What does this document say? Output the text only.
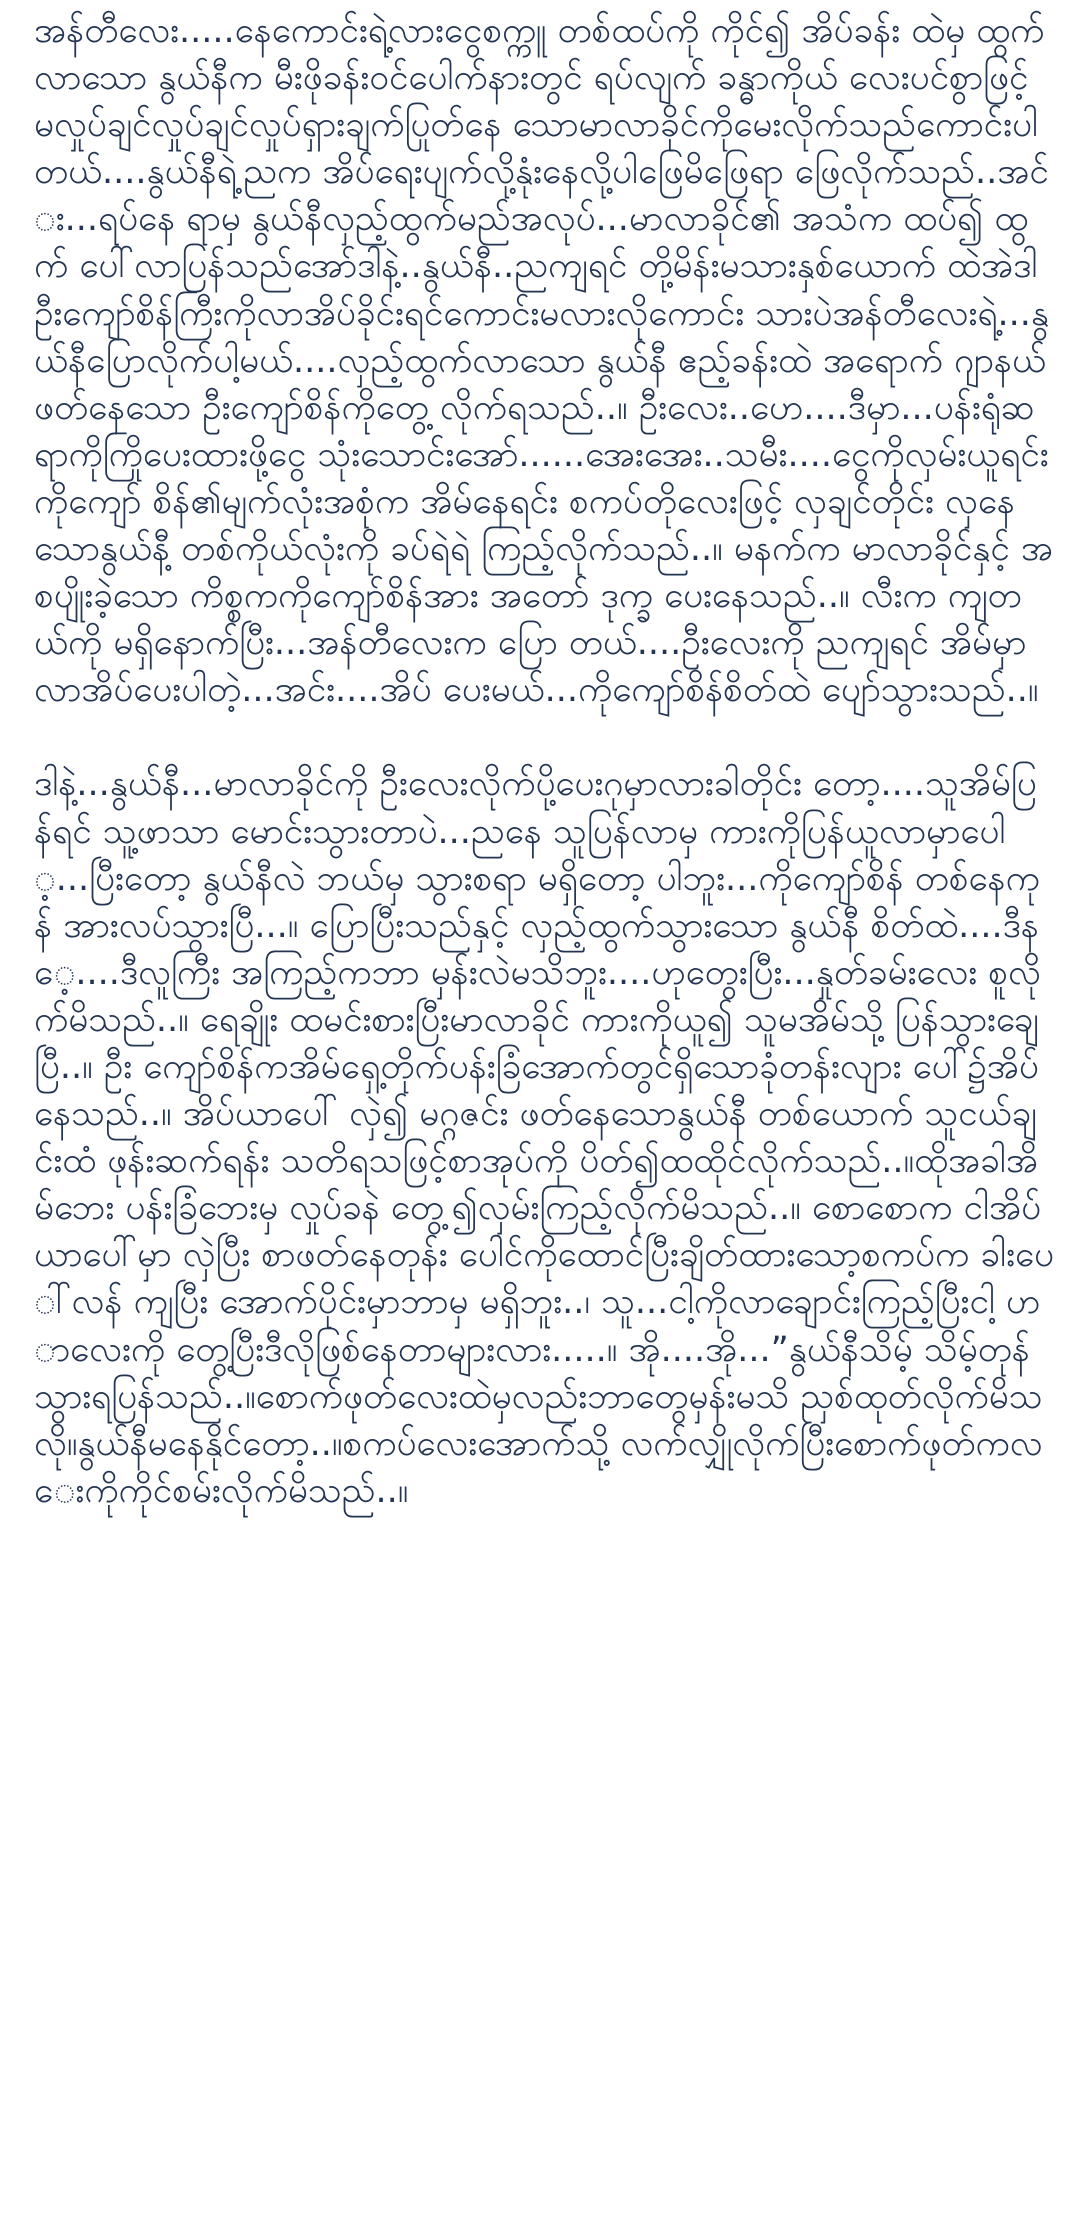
အန်တီလေး.....နေကောင်းရဲ့လားငွေစက္ကူ တစ်ထပ်ကို ကိုင်၍ အိပ်ခန်း ထဲမှ ထွက်လာသော နွယ်နီက မီးဖိုခန်းဝင်ပေါက်နားတွင် ရပ်လျက် ခန္ဓာကိုယ် လေးပင်စွာဖြင့် မလှုပ်ချင်လှုပ်ချင်လှုပ်ရှားချက်ပြုတ်နေ သောမာလာခိုင်ကိုမေးလိုက်သည်ကောင်းပါတယ်....နွယ်နီရဲ့ညက အိပ်ရေးပျက်လို့နုံးနေလို့ပါဖြေမိဖြေရာ ဖြေလိုက်သည်..အင်း...ရပ်နေ ရာမှ နွယ်နီလှည့်ထွက်မည်အလုပ်...မာလာခိုင်၏ အသံက ထပ်၍ ထွက် ပေါ်လာပြန်သည်အော်ဒါနဲ့..နွယ်နီ..ညကျရင် တို့မိန်းမသားနှစ်ယောက် ထဲအဲဒါဦးကျော်စိန်ကြီးကိုလာအိပ်ခိုင်းရင်ကောင်းမလားလိုကောင်း သားပဲအန်တီလေးရဲ့...နွယ်နီပြောလိုက်ပါ့မယ်....လှည့်ထွက်လာသော နွယ်နီ ဧည့်ခန်းထဲ အရောက် ဂျာနယ်ဖတ်နေသော ဦးကျော်စိန်ကိုတွေ့ လိုက်ရသည်..။ ဦးလေး..ဟေ....ဒီမှာ...ပန်းရုံဆရာကိုကြိုပေးထားဖို့ငွေ သုံးသောင်းအော်......အေးအေး..သမီး....ငွေကိုလှမ်းယူရင်းကိုကျော် စိန်၏မျက်လုံးအစုံက အိမ်နေရင်း စကပ်တိုလေးဖြင့် လှချင်တိုင်း လှနေ သောနွယ်နီ့ တစ်ကိုယ်လုံးကို ခပ်ရဲရဲ ကြည့်လိုက်သည်..။ မနက်က မာလာခိုင်နှင့် အစပျိုးခဲ့သော ကိစ္စကကိုကျော်စိန်အား အတော် ဒုက္ခ ပေးနေသည်..။ လီးက ကျတယ်ကို မရှိနောက်ပြီး...အန်တီလေးက ပြော တယ်....ဦးလေးကို ညကျရင် အိမ်မှာ လာအိပ်ပေးပါတဲ့...အင်း....အိပ် ပေးမယ်...ကိုကျော်စိန်စိတ်ထဲ ပျော်သွားသည်..။

ဒါနဲ့...နွယ်နီ...မာလာခိုင်ကို ဦးလေးလိုက်ပို့ပေးဂုမှာလားခါတိုင်း တော့....သူအိမ်ပြန်ရင် သူ့ဖာသာ မောင်းသွားတာပဲ...ညနေ သူပြန်လာမှ ကားကိုပြန်ယူလာမှာပေါ့...ပြီးတော့ နွယ်နီလဲ ဘယ်မှ သွားစရာ မရှိတော့ ပါဘူး...ကိုကျော်စိန် တစ်နေကုန် အားလပ်သွားပြီ...။ ပြောပြီးသည်နှင့် လှည့်ထွက်သွားသော နွယ်နီ စိတ်ထဲ....ဒီနေ့....ဒီလူကြီး အကြည့်ကဘာ မှန်းလဲမသိဘူး....ဟုတွေးပြီး...နှုတ်ခမ်းလေး စူလိုက်မိသည်..။ ရေချိုး ထမင်းစားပြီးမာလာခိုင် ကားကိုယူ၍ သူမအိမ်သို့ ပြန်သွားချေပြီ..။ ဦး ကျော်စိန်ကအိမ်ရှေ့တိုက်ပန်းခြံအောက်တွင်ရှိသောခုံတန်းလျား ပေါ်၌အိပ်နေသည်..။ အိပ်ယာပေါ် လှဲ၍ မဂ္ဂဇင်း ဖတ်နေသောနွယ်နီ တစ်ယောက် သူငယ်ချင်းထံ ဖုန်းဆက်ရန်း သတိရသဖြင့်စာအုပ်ကို ပိတ်၍ထထိုင်လိုက်သည်..။ထိုအခါအိမ်ဘေး ပန်းခြံဘေးမှ လှုပ်ခနဲ တွေ့၍လှမ်းကြည့်လိုက်မိသည်..။ စောစောက ငါအိပ်ယာပေါ်မှာ လှဲပြီး စာဖတ်နေတုန်း ပေါင်ကိုထောင်ပြီးချိတ်ထားသော့စကပ်က ခါးပေါ်လန် ကျပြီး အောက်ပိုင်းမှာဘာမှ မရှိဘူး..၊ သူ...ငါ့ကိုလာချောင်းကြည့်ပြီးငါ့ ဟာလေးကို တွေ့ပြီးဒီလိုဖြစ်နေတာများလား.....။ အို....အို...”နွယ်နီသိမ့် သိမ့်တုန်သွားရပြန်သည်..။စောက်ဖုတ်လေးထဲမှလည်းဘာတွေမှန်းမသိ ညှစ်ထုတ်လိုက်မိသလို။နွယ်နီမနေနိုင်တော့..။စကပ်လေးအောက်သို့ လက်လျှိုလိုက်ပြီးစောက်ဖုတ်ကလေးကိုကိုင်စမ်းလိုက်မိသည်..။
